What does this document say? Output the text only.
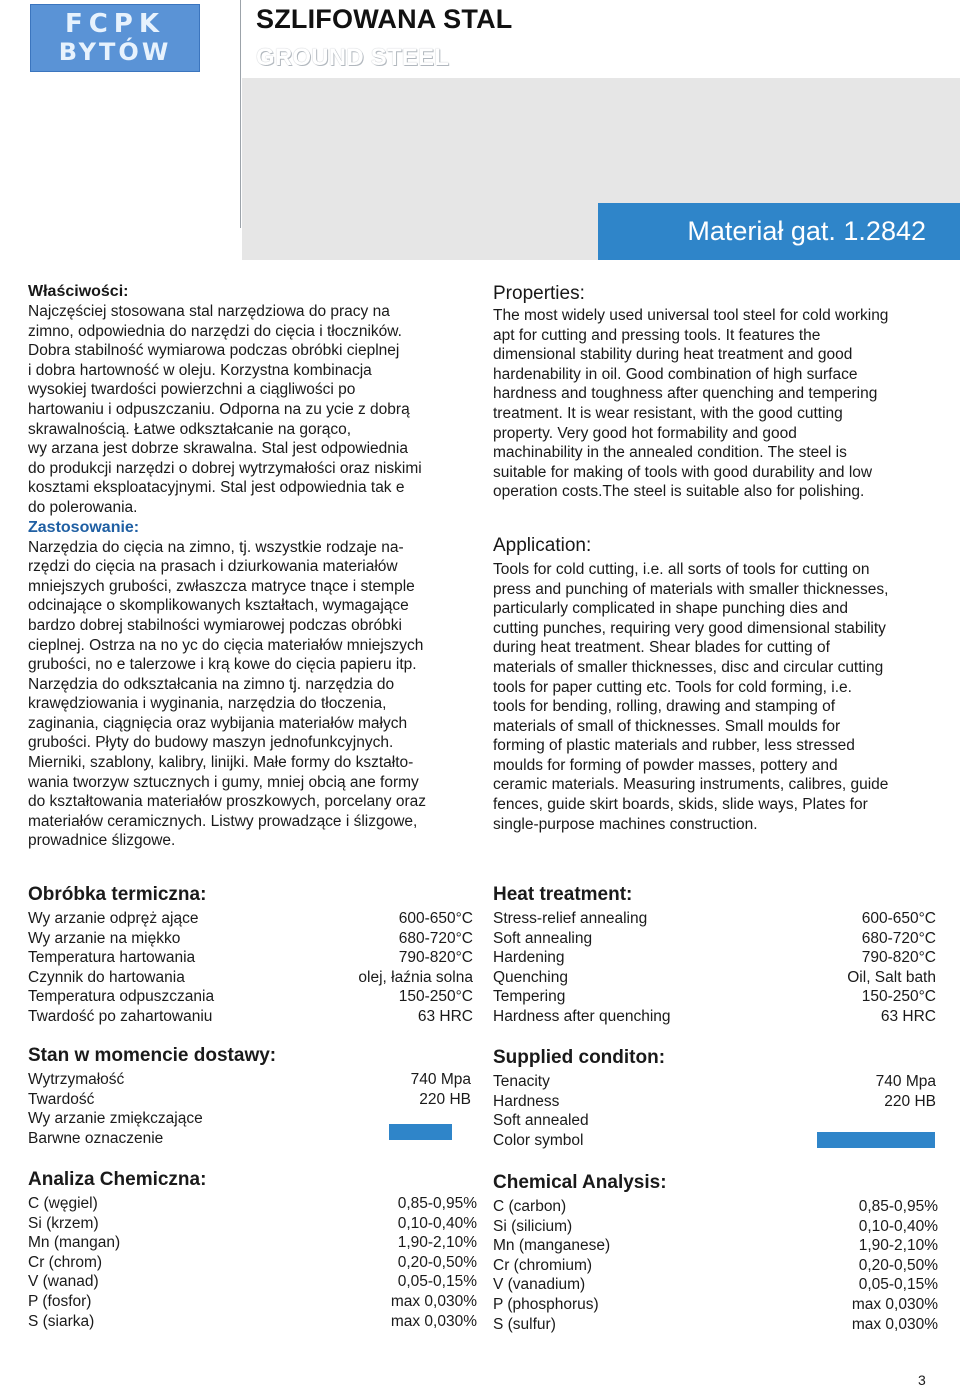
FCPK
BYTÓW
SZLIFOWANA STAL
GROUND STEEL
Materiał gat. 1.2842

Właściwości:

Najczęściej stosowana stal narzędziowa do pracy na
zimno, odpowiednia do narzędzi do cięcia i tłoczników.
Dobra stabilność wymiarowa podczas obróbki cieplnej
i dobra hartowność w oleju. Korzystna kombinacja
wysokiej twardości powierzchni a ciągliwości po
hartowaniu i odpuszczaniu. Odporna na zu ycie z dobrą
skrawalnością. Łatwe odkształcanie na gorąco,
wy arzana jest dobrze skrawalna. Stal jest odpowiednia
do produkcji narzędzi o dobrej wytrzymałości oraz niskimi
kosztami eksploatacyjnymi. Stal jest odpowiednia tak e
do polerowania.

Zastosowanie:

Narzędzia do cięcia na zimno, tj. wszystkie rodzaje na-
rzędzi do cięcia na prasach i dziurkowania materiałów
mniejszych grubości, zwłaszcza matryce tnące i stemple
odcinające o skomplikowanych kształtach, wymagające
bardzo dobrej stabilności wymiarowej podczas obróbki
cieplnej. Ostrza na no yc do cięcia materiałów mniejszych
grubości, no e talerzowe i krą kowe do cięcia papieru itp.
Narzędzia do odkształcania na zimno tj. narzędzia do
krawędziowania i wyginania, narzędzia do tłoczenia,
zaginania, ciągnięcia oraz wybijania materiałów małych
grubości. Płyty do budowy maszyn jednofunkcyjnych.
Mierniki, szablony, kalibry, linijki. Małe formy do kształto-
wania tworzyw sztucznych i gumy, mniej obcią ane formy
do kształtowania materiałów proszkowych, porcelany oraz
materiałów ceramicznych. Listwy prowadzące i ślizgowe,
prowadnice ślizgowe.

Properties:

The most widely used universal tool steel for cold working
apt for cutting and pressing tools. It features the
dimensional stability during heat treatment and good
hardenability in oil. Good combination of high surface
hardness and toughness after quenching and tempering
treatment. It is wear resistant, with the good cutting
property. Very good hot formability and good
machinability in the annealed condition. The steel is
suitable for making of tools with good durability and low
operation costs.The steel is suitable also for polishing.

Application:

Tools for cold cutting, i.e. all sorts of tools for cutting on
press and punching of materials with smaller thicknesses,
particularly complicated in shape punching dies and
cutting punches, requiring very good dimensional stability
during heat treatment. Shear blades for cutting of
materials of smaller thicknesses, disc and circular cutting
tools for paper cutting etc. Tools for cold forming, i.e.
tools for bending, rolling, drawing and stamping of
materials of small of thicknesses. Small moulds for
forming of plastic materials and rubber, less stressed
moulds for forming of powder masses, pottery and
ceramic materials. Measuring instruments, calibres, guide
fences, guide skirt boards, skids, slide ways, Plates for
single-purpose machines construction.

Obróbka termiczna:
Wy arzanie odpręż ające	600-650°C
Wy arzanie na miękko	680-720°C
Temperatura hartowania	790-820°C
Czynnik do hartowania	olej, łaźnia solna
Temperatura odpuszczania	150-250°C
Twardość po zahartowaniu	63 HRC
Heat treatment:
Stress-relief annealing	600-650°C
Soft annealing	680-720°C
Hardening	790-820°C
Quenching	Oil, Salt bath
Tempering	150-250°C
Hardness after quenching	63 HRC
Stan w momencie dostawy:
Wytrzymałość	740 Mpa
Twardość	220 HB
Wy arzanie zmiękczające
Barwne oznaczenie
Supplied conditon:
Tenacity	740 Mpa
Hardness	220 HB
Soft annealed
Color symbol
Analiza Chemiczna:
C (węgiel)	0,85-0,95%
Si (krzem)	0,10-0,40%
Mn (mangan)	1,90-2,10%
Cr (chrom)	0,20-0,50%
V (wanad)	0,05-0,15%
P (fosfor)	max 0,030%
S (siarka)	max 0,030%
Chemical Analysis:
C (carbon)	0,85-0,95%
Si (silicium)	0,10-0,40%
Mn (manganese)	1,90-2,10%
Cr (chromium)	0,20-0,50%
V (vanadium)	0,05-0,15%
P (phosphorus)	max 0,030%
S (sulfur)	max 0,030%
3
